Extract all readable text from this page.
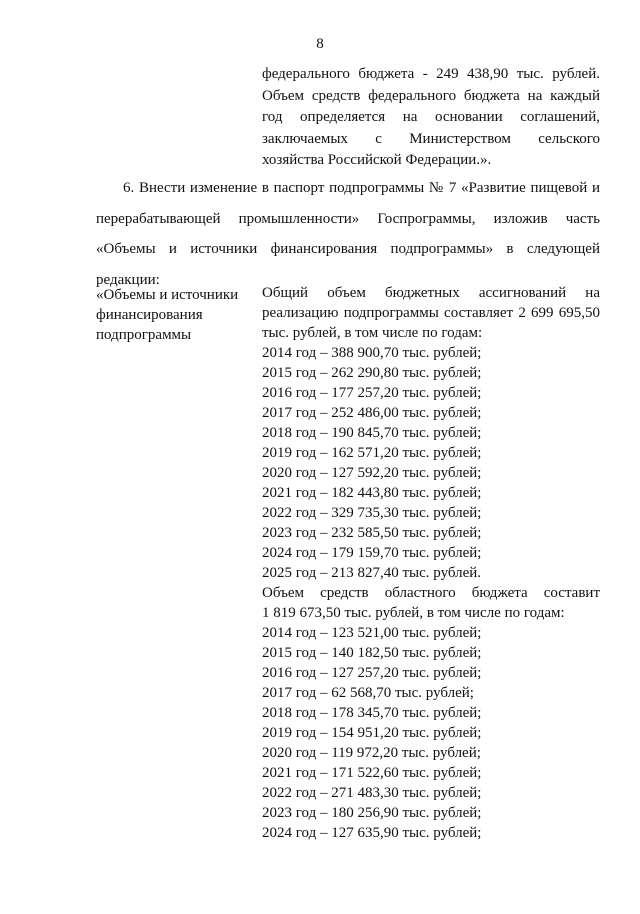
8
федерального бюджета - 249 438,90 тыс. рублей.
Объем средств федерального бюджета на каждый
год определяется на основании соглашений,
заключаемых с Министерством сельского
хозяйства Российской Федерации.».
6. Внести изменение в паспорт подпрограммы № 7 «Развитие пищевой и
перерабатывающей промышленности» Госпрограммы, изложив часть
«Объемы и источники финансирования подпрограммы» в следующей
редакции:
«Объемы и источники
финансирования
подпрограммы
Общий объем бюджетных ассигнований на
реализацию подпрограммы составляет 2 699 695,50
тыс. рублей, в том числе по годам:
2014 год – 388 900,70 тыс. рублей;
2015 год – 262 290,80 тыс. рублей;
2016 год – 177 257,20 тыс. рублей;
2017 год – 252 486,00 тыс. рублей;
2018 год – 190 845,70 тыс. рублей;
2019 год – 162 571,20 тыс. рублей;
2020 год – 127 592,20 тыс. рублей;
2021 год – 182 443,80 тыс. рублей;
2022 год – 329 735,30 тыс. рублей;
2023 год – 232 585,50 тыс. рублей;
2024 год – 179 159,70 тыс. рублей;
2025 год – 213 827,40 тыс. рублей.
Объем средств областного бюджета составит
1 819 673,50 тыс. рублей, в том числе по годам:
2014 год – 123 521,00 тыс. рублей;
2015 год – 140 182,50 тыс. рублей;
2016 год – 127 257,20 тыс. рублей;
2017 год – 62 568,70 тыс. рублей;
2018 год – 178 345,70 тыс. рублей;
2019 год – 154 951,20 тыс. рублей;
2020 год – 119 972,20 тыс. рублей;
2021 год – 171 522,60 тыс. рублей;
2022 год – 271 483,30 тыс. рублей;
2023 год – 180 256,90 тыс. рублей;
2024 год – 127 635,90 тыс. рублей;
